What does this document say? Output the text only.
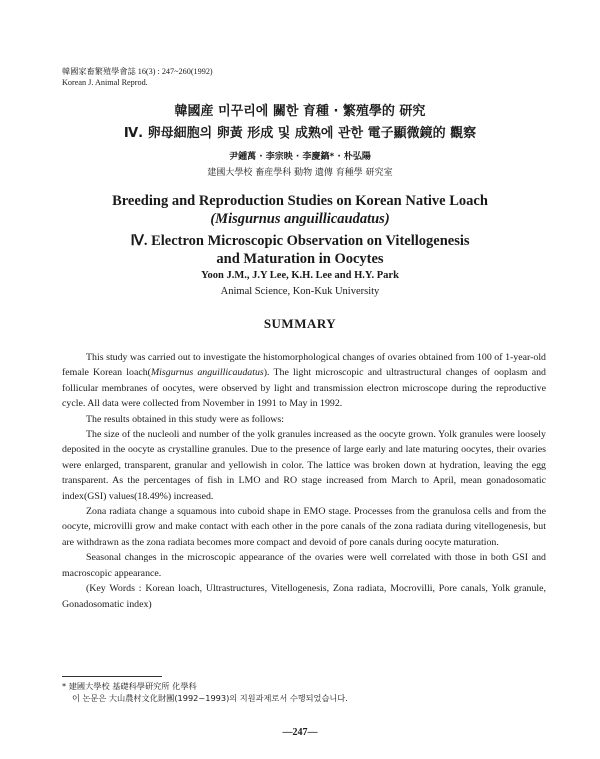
韓國家畜繁殖學會誌 16(3) : 247~260(1992)
Korean J. Animal Reprod.
韓國産 미꾸리에 關한 育種 · 繁殖學的 研究
Ⅳ. 卵母細胞의 卵黃 形成 및 成熟에 관한 電子顯微鏡的 觀察
尹鍾萬 · 李宗映 · 李慶鎬* · 朴弘陽
建國大學校 畜産學科 動物 遺傳 育種學 研究室
Breeding and Reproduction Studies on Korean Native Loach
(Misgurnus anguillicaudatus)
Ⅳ. Electron Microscopic Observation on Vitellogenesis
and Maturation in Oocytes
Yoon J.M., J.Y Lee, K.H. Lee and H.Y. Park
Animal Science, Kon-Kuk University
SUMMARY

This study was carried out to investigate the histomorphological changes of ovaries obtained from 100 of 1-year-old female Korean loach(Misgurnus anguillicaudatus). The light microscopic and ultrastructural changes of ooplasm and follicular membranes of oocytes, were observed by light and transmission electron microscope during the reproductive cycle. All data were collected from November in 1991 to May in 1992.

The results obtained in this study were as follows:

The size of the nucleoli and number of the yolk granules increased as the oocyte grown. Yolk granules were loosely deposited in the oocyte as crystalline granules. Due to the presence of large early and late maturing oocytes, their ovaries were enlarged, transparent, granular and yellowish in color. The lattice was broken down at hydration, leaving the egg transparent. As the percentages of fish in LMO and RO stage increased from March to April, mean gonadosomatic index(GSI) values(18.49%) increased.

Zona radiata change a squamous into cuboid shape in EMO stage. Processes from the granulosa cells and from the oocyte, microvilli grow and make contact with each other in the pore canals of the zona radiata during vitellogenesis, but are withdrawn as the zona radiata becomes more compact and devoid of pore canals during oocyte maturation.

Seasonal changes in the microscopic appearance of the ovaries were well correlated with those in both GSI and macroscopic appearance.

(Key Words : Korean loach, Ultrastructures, Vitellogenesis, Zona radiata, Mocrovilli, Pore canals, Yolk granule, Gonadosomatic index)

* 建國大學校 基礎科學研究所 化學科
이 논문은 大山農村文化財團(1992~1993)의 지원과제로서 수행되었습니다.
—247—
